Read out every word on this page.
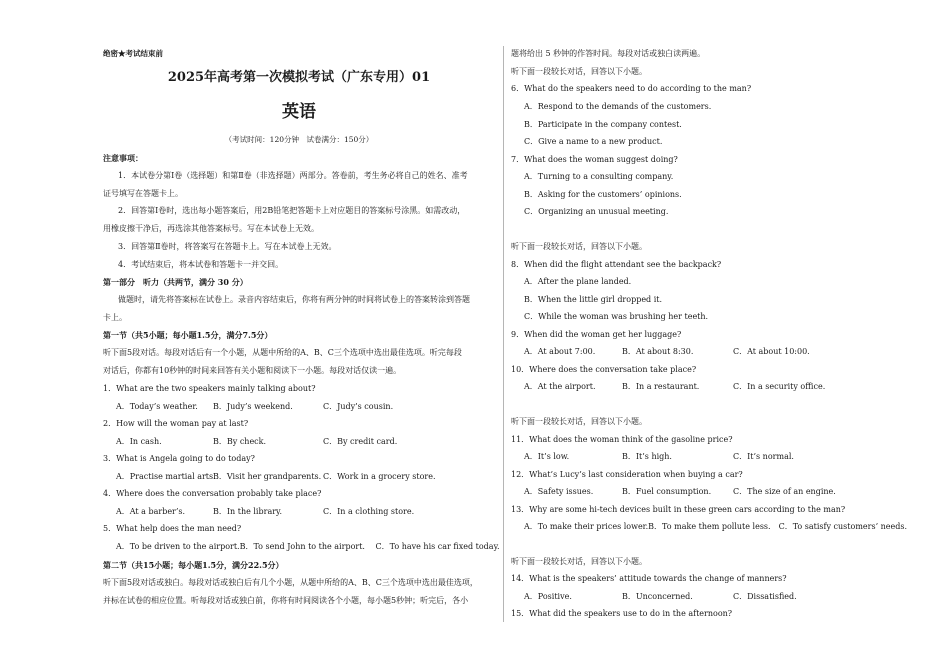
绝密★考试结束前
2025年高考第一次模拟考试（广东专用）01
英语
（考试时间：120分钟　试卷满分：150分）
注意事项：
1．本试卷分第Ⅰ卷（选择题）和第Ⅱ卷（非选择题）两部分。答卷前，考生务必将自己的姓名、准考
证号填写在答题卡上。
2．回答第Ⅰ卷时，选出每小题答案后，用2B铅笔把答题卡上对应题目的答案标号涂黑。如需改动，
用橡皮擦干净后，再选涂其他答案标号。写在本试卷上无效。
3．回答第Ⅱ卷时，将答案写在答题卡上。写在本试卷上无效。
4．考试结束后，将本试卷和答题卡一并交回。
第一部分　听力（共两节，满分 30 分）
做题时，请先将答案标在试卷上。录音内容结束后，你将有两分钟的时间将试卷上的答案转涂到答题
卡上。
第一节（共5小题；每小题1.5分，满分7.5分）
听下面5段对话。每段对话后有一个小题，从题中所给的A、B、C三个选项中选出最佳选项。听完每段
对话后，你都有10秒钟的时间来回答有关小题和阅读下一小题。每段对话仅读一遍。
1．What are the two speakers mainly talking about?
A．Today’s weather. B．Judy’s weekend.	C．Judy’s cousin.
2．How will the woman pay at last?
A．In cash.	B．By check.	C．By credit card.
3．What is Angela going to do today?
A．Practise martial arts.
B．Visit her grandparents. C．Work in a grocery store.
4．Where does the conversation probably take place?
A．At a barber’s.	B．In the library.	C．In a clothing store.
5．What help does the man need?
A．To be driven to the airport.B．To send John to the airport.　 C．To have his car fixed today.
第二节（共15小题；每小题1.5分，满分22.5分）
听下面5段对话或独白。每段对话或独白后有几个小题，从题中所给的A、B、C三个选项中选出最佳选项，
并标在试卷的相应位置。听每段对话或独白前，你将有时间阅读各个小题，每小题5秒钟；听完后，各小
题将给出 5 秒钟的作答时间。每段对话或独白读两遍。
听下面一段较长对话，回答以下小题。
6．What do the speakers need to do according to the man?
A．Respond to the demands of the customers.
B．Participate in the company contest.
C．Give a name to a new product.
7．What does the woman suggest doing?
A．Turning to a consulting company.
B．Asking for the customers’ opinions.
C．Organizing an unusual meeting.
听下面一段较长对话，回答以下小题。
8．When did the flight attendant see the backpack?
A．After the plane landed.
B．When the little girl dropped it.
C．While the woman was brushing her teeth.
9．When did the woman get her luggage?
A．At about 7:00.	B．At about 8:30.	C．At about 10:00.
10．Where does the conversation take place?
A．At the airport.	B．In a restaurant.	C．In a security office.
听下面一段较长对话，回答以下小题。
11．What does the woman think of the gasoline price?
A．It’s low.	B．It’s high.	C．It’s normal.
12．What’s Lucy’s last consideration when buying a car?
A．Safety issues.	B．Fuel consumption.	C．The size of an engine.
13．Why are some hi-tech devices built in these green cars according to the man?
A．To make their prices lower.B．To make them pollute less.　C．To satisfy customers’ needs.
听下面一段较长对话，回答以下小题。
14．What is the speakers’ attitude towards the change of manners?
A．Positive.	B．Unconcerned.	C．Dissatisfied.
15．What did the speakers use to do in the afternoon?
